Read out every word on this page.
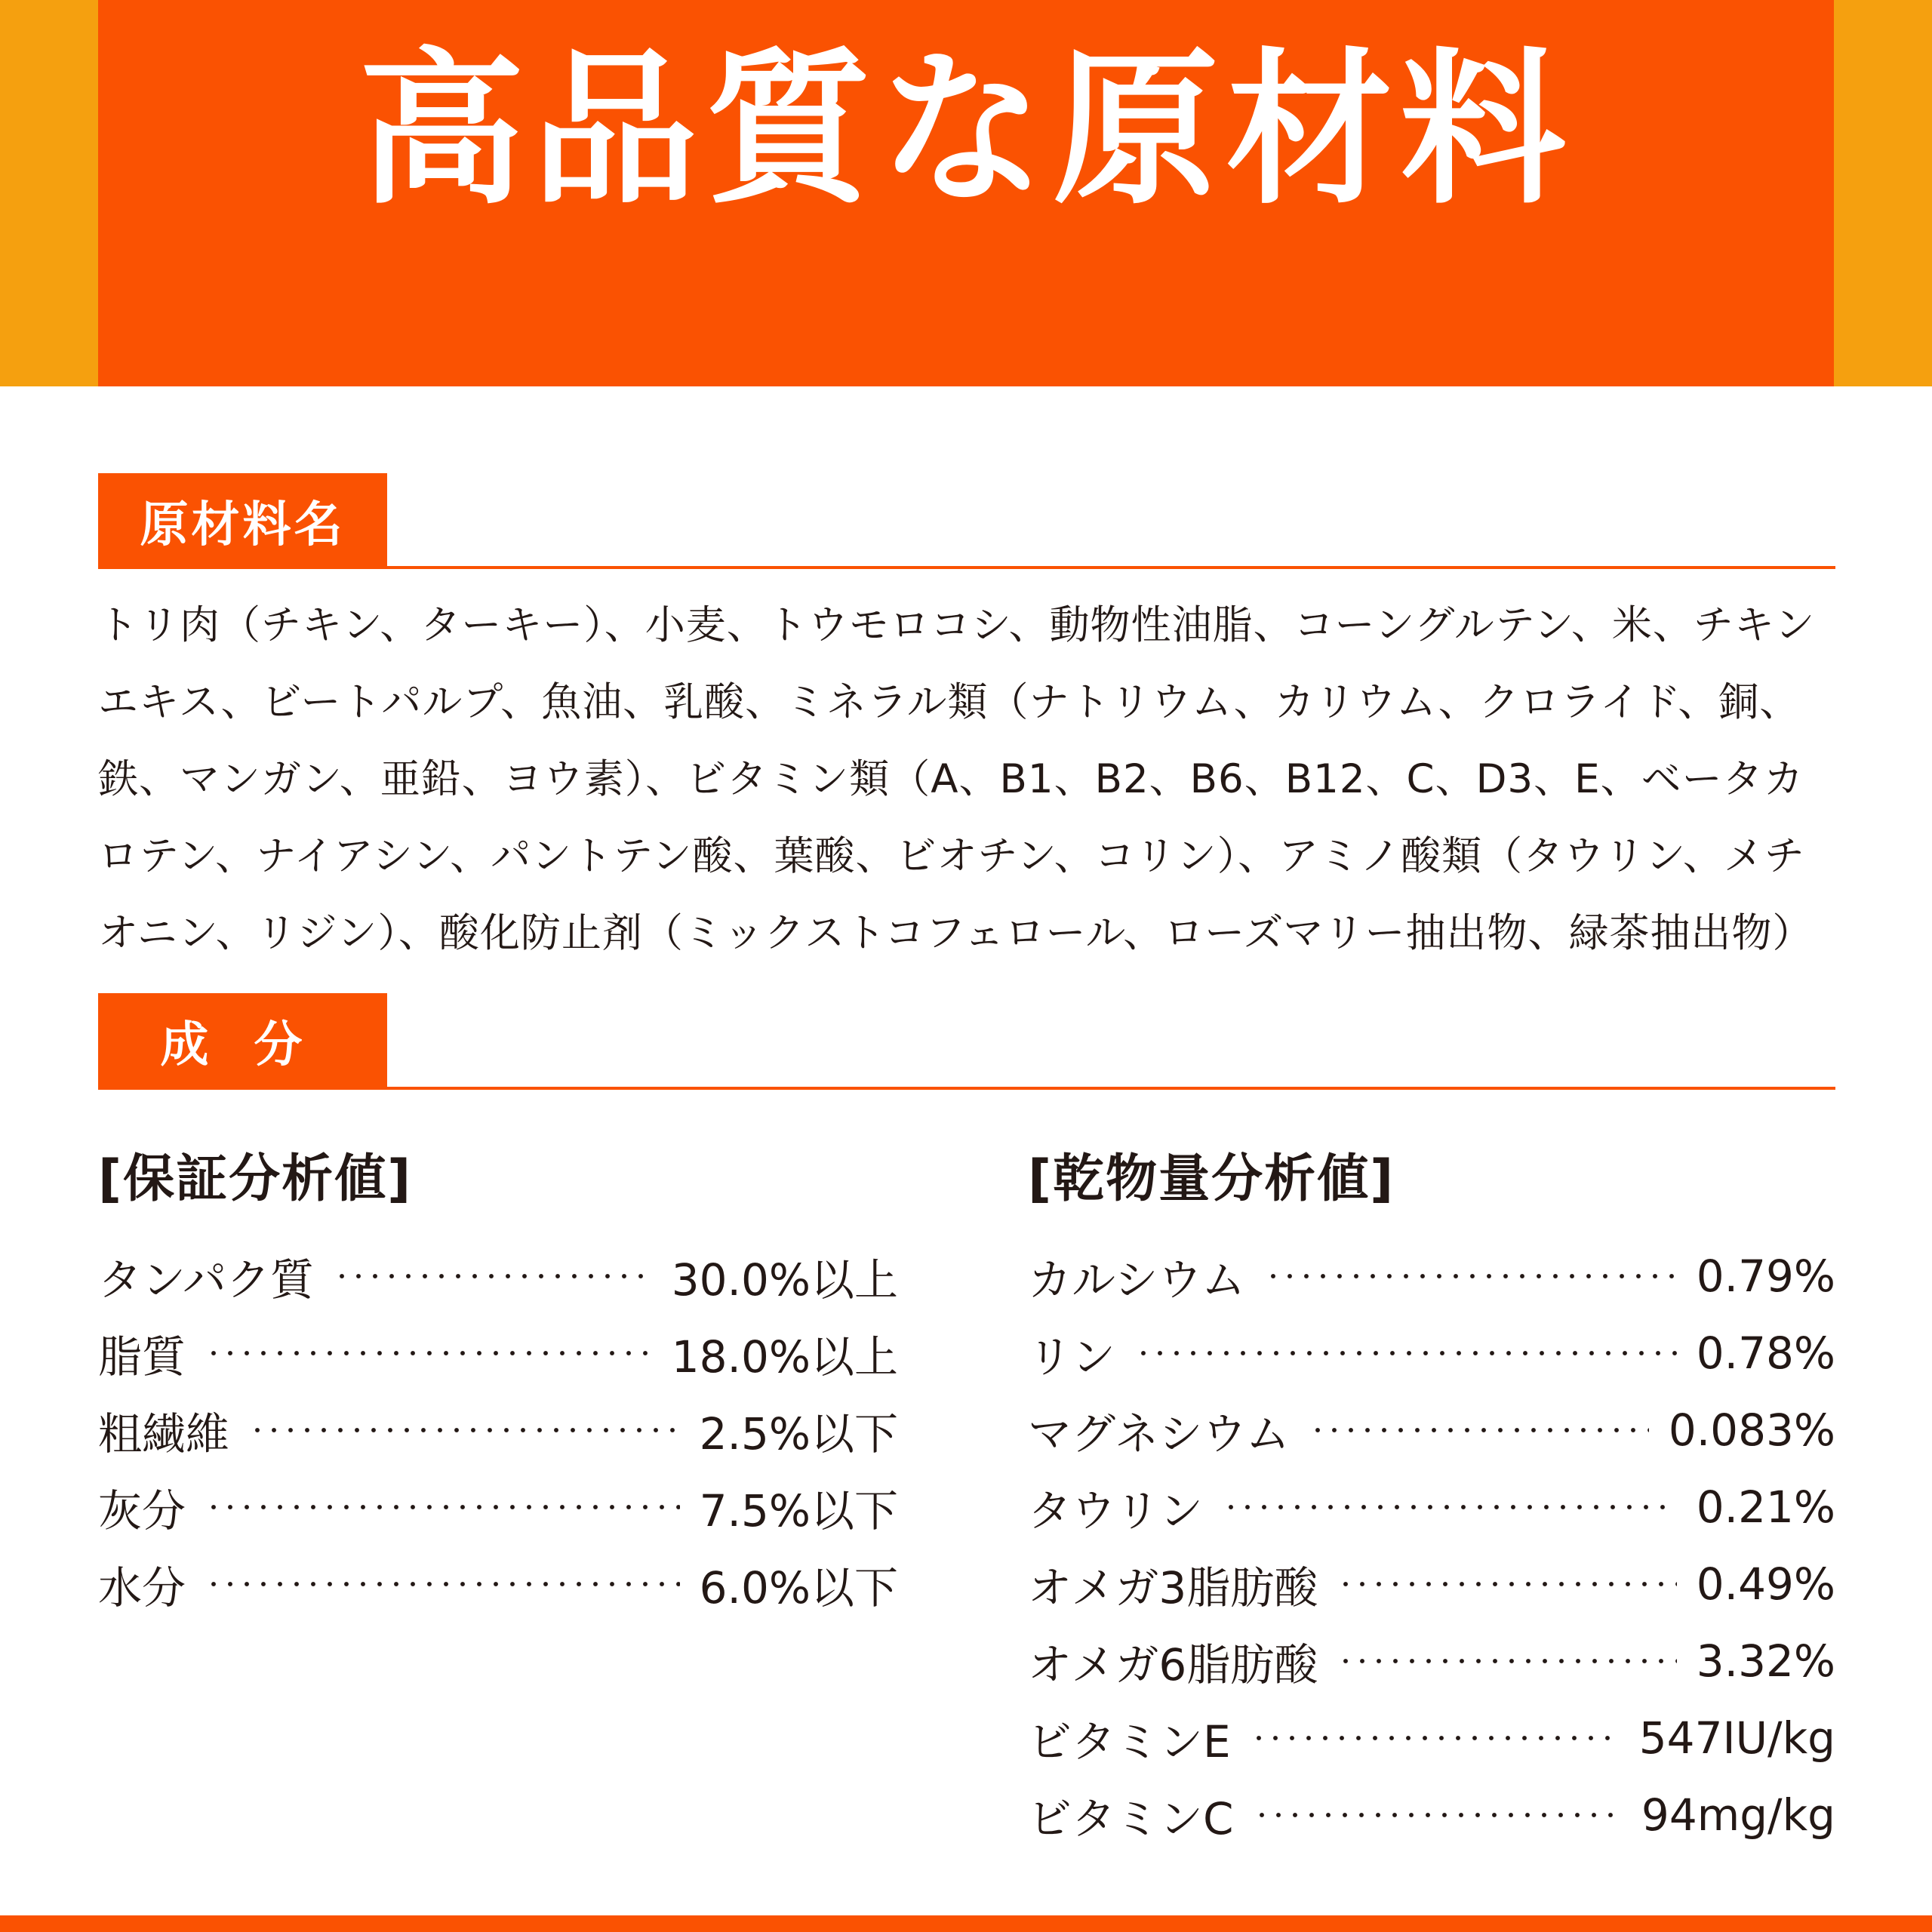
高品質な原材料
原材料名

トリ肉（チキン、ターキー）、小麦、トウモロコシ、動物性油脂、コーングルテン、米、チキンエキス、ビートパルプ、魚油、乳酸、ミネラル類（ナトリウム、カリウム、クロライド、銅、鉄、マンガン、亜鉛、ヨウ素）、ビタミン類（A、B1、B2、B6、B12、C、D3、E、ベータカロテン、ナイアシン、パントテン酸、葉酸、ビオチン、コリン）、アミノ酸類（タウリン、メチオニン、リジン）、酸化防止剤（ミックストコフェロール、ローズマリー抽出物、緑茶抽出物）

成分
[保証分析値]
タンパク質	30.0%以上
脂質	18.0%以上
粗繊維	2.5%以下
灰分	7.5%以下
水分	6.0%以下
[乾物量分析値]
カルシウム	0.79%
リン	0.78%
マグネシウム	0.083%
タウリン	0.21%
オメガ3脂肪酸	0.49%
オメガ6脂肪酸	3.32%
ビタミンE	547IU/kg
ビタミンC	94mg/kg
